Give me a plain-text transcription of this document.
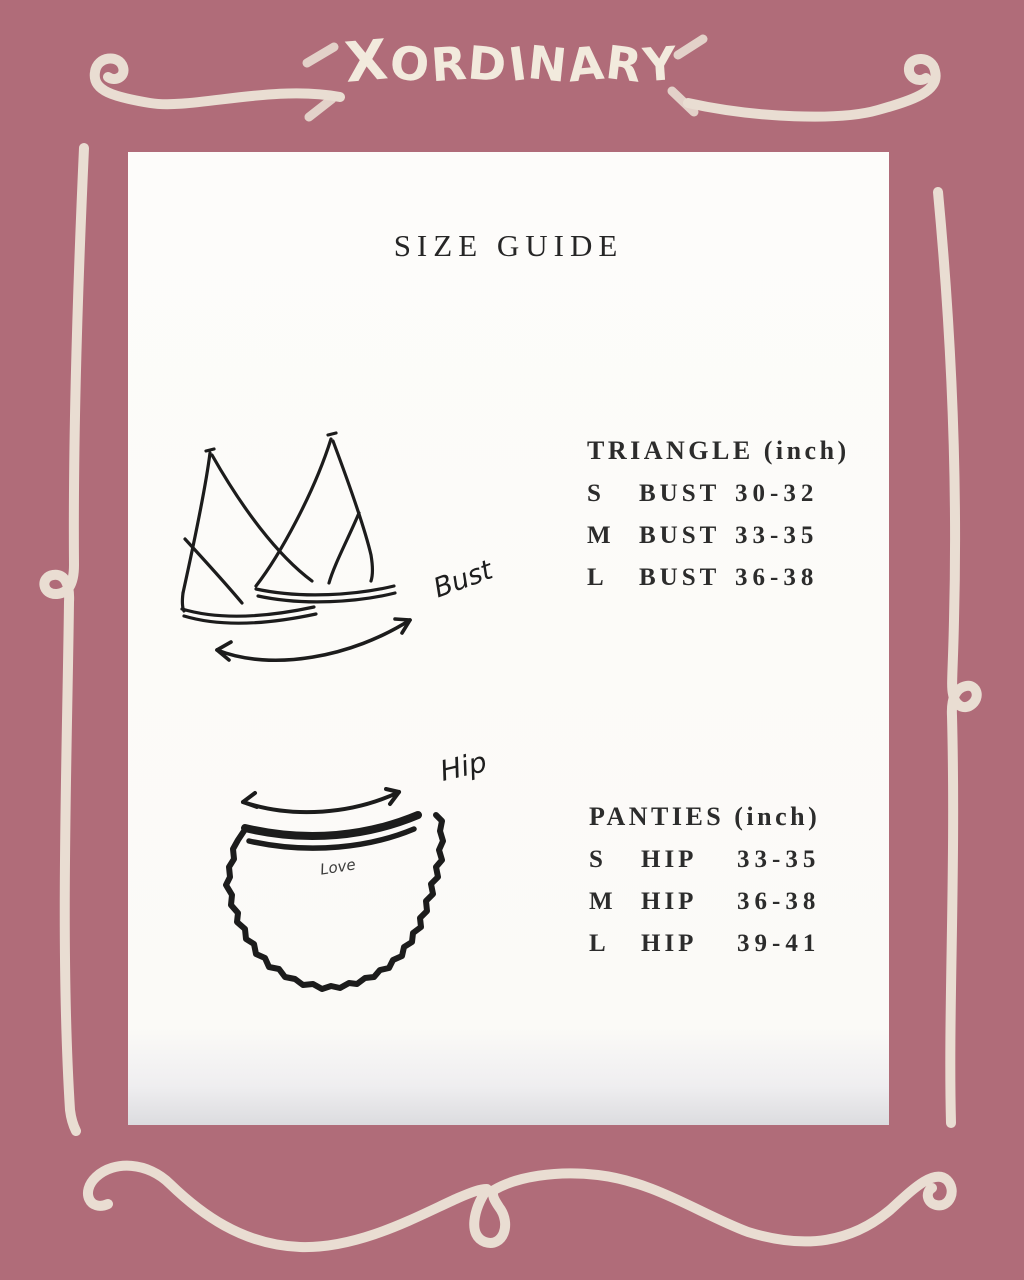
XORDINARY
SIZE GUIDE
Bust
TRIANGLE (inch)
S	BUST 30-32
M BUST 33-35
L	BUST 36-38
Hip
Love
PANTIES (inch)
S	HIP	33-35
M HIP	36-38
L	HIP	39-41
